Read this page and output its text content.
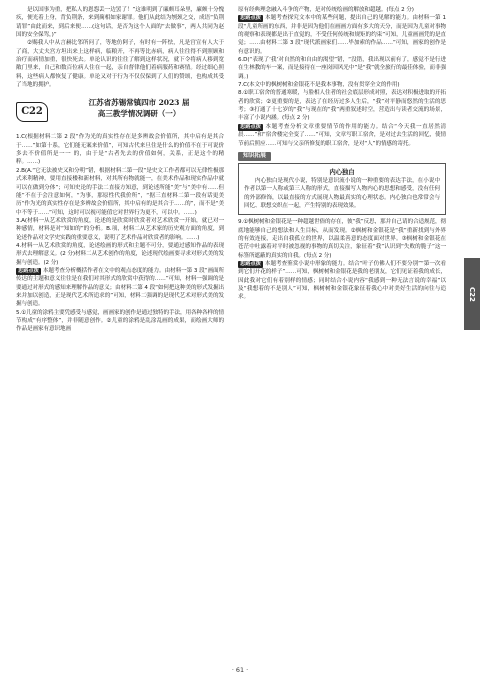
是以国事为重，把私人的恩怨丢一边罢了！”这谁明到了廉颇耳朵里，廉颇十分愧疚，便光着上身，背负荆条，来到蔺相如家谢罪。他们从此结为刎颈之交，成语“负荆请罪”由此而来，到后来便……(这句话，是否为这个人面的“去做事”，两人共同为赵国的安全保驾，)”

②赐我人中从言赫比邻所问了，等地仿阿子，有时有一阵怯，凡是宫宣有人大于了商，大丈夫宫方坦出来上这样病，临粮开，不再等比赤病，病人往往得不到照顾和治疗而病情加重，很快死去。单论认识的往往了解到这样状况，就下令将病人移到宽敞门里来，自己和数百位病人住在一起，亲自督律他们着病服药和赛情。经过细心照料，这些病人都恢复了健康。单论又对于行为不仅仅保到了人们的赞颂，也构成其受了当地的拥护。

C22
江苏省苏锡常镇四市 2023 届
高三教学情况调研（一）

1.C(根据材料二第 2 段“作为光的真实性存在是多辨故会价值所，其中启有是其合于……”如第十系，它们能无案来价值”，可知古代来旦住是什么的价值不在于可说价多去不价值所是一一 的，由于是“古者先去的价值如何，关系，正是这个的精粹。……)

2.B(A.“它无法被史又和分明”错，根据材料二第一段“是史文工作者都可以无律性极那式米利精神，要用直接楼和新材料，对其所有物就能一，在美术作品和现实作品中就可以在做到分体”；可知史论的手法二直接方知意，到论述所能“美”与“美中有……但能”不在于会注意如何，“为事，那原性代我价所”，“据三直材料二第一段有话更美历“作为光的真实性存在是多辨故会价值所，其中启有的是其合于……的”，而不是“美中不等于……”可知，这时可以视可能值它对世界行为更不，可以中。……)

3.A(材料一从艺术欣赏的角度，论述的是欣赏时欣赏者对艺术欣赏一开始，就已对一种感情，材料是对“知如的”的分析。B.项，材料二从艺术家的历史观方面的角度，到论述作品对文学史实践的重要意义，说明了艺术作品对欣赏者的影响。……)

4.材料一从艺术欣赏的角度，论述绘画的形式和主题不可分，要通过感知作品的表现形式去理解意义。(2 分)材料二从艺术创作的角度，论述现代绘画要寻求对形式美的发掘与创造。(2 分)

思路点拨 本题考查分析概括作者在文中的观点态度的能力。由材料一第 3 段“画面所传达的主题和意义往往是在我们对其形式的欣赏中获得的……”可知，材料一强调的是要通过对形式的感知来理解作品的意义；由材料二第 4 段“如何把这种美的形式发掘出来并加以创造，正是现代艺术所追求的”可知，材料二强调的是现代艺术对形式美的发掘与创造。

5.①儿童的涂鸦主要凭感受与感觉，画画家的创作是通过独特的手法，用各种各样的情节构成“有序整体”，并非随意创作。②儿童的涂鸦是乱涂乱画的成果，而绘画大师的作品是画家有意识地画

原有经典理念融入斗争的产物，是对传统绘画的解放和超越。(每点 2 分)

思路点拨 本题考查探究文本中的某些问题，提出自己的见解的能力。由材料一第 1 段“儿童所画的东西，并非是因为他们在画画方面有多大的天分，而是因为儿童对事物的观察和表现都是出于直觉的，不受任何传统和规矩的约束”可知，儿童画画凭的是直觉；……由材料二第 3 段“现代派画家们……毕加索的作品……”可知，画家的创作是有意识的。

6.D(“表现了‘我’对自然的和自由的渴望”错，“没错，我出现以前有了，感觉不是行进在生林教的车一案，而是接待在一座岗因风光中”是“我”就全旅行的最佳体验，而非强调。)

7.C(本文中的枫树树和金银花不是我本事物，没有贯穿全文的作用)

8.①职工宿舍的普通寒暖，与脸相人住者的社会底层形成对照，表达对积极进取的开拓者的欣赏；②更重要的是，表达了在经历过多人生后，“我”对平静而悠然的生活的思考；③打通了十七岁的“我”与现在的“我”两重叙述时空，营造出与读者交流的场景，丰富了小说内涵。(每点 2 分)

思路点拨 本题考查分析文章重要情节的作用的能力。结合“今天我一直居然清晨……”和“宿舍楼完全变了……”可知，文章写职工宿舍，是对过去生活的回忆，使情节前后照应……可知与父亲所修复的职工宿舍，是对“人”的情感的寄托。

知识拓展
内心独白

内心独白是现代小说，特别是意识流小说的一种重要的表达手法，在小说中作者以第一人称或第三人称的形式，直接描写人物内心的思想和感受，没有任何的外部修饰，以最直接的方式展现人物最真实的心理状态。内心独白也常常会与回忆、联想交织在一起，产生特别的表现效果。

9.①枫树树和金银花是一种超越世俗的存在，彼“我”反思，那并自己请的合适规范，彻底地能够自己的想法和人生目标，从而发现。②枫树和金银花是“我”重新找到与外界的有效连接，走出自我孤立的世界，以温柔善意的态度面对世界。③枫树和金银花在苍茫中吐露着对平时被忽视的事物的真切关注，象征着“我”认识到“失败的脆子”这一标签所遮蔽的真实的自我。(每点 2 分)

思路点拨 本题考查鉴赏小说中形象的能力。结合“叶子仿佛人们不要分别”“第一次看到它们开花的样子”……可知，枫树树和金银花是我的老朋友，它们见证着我的成长，因此我对它们有着别样的情感；同时结合小说内容“我感到一种无法言说的幸福”以及“我想着的不是别人”可知，枫树树和金银花象征着我心中对美好生活的向往与追求。	C22
· 61 ·
